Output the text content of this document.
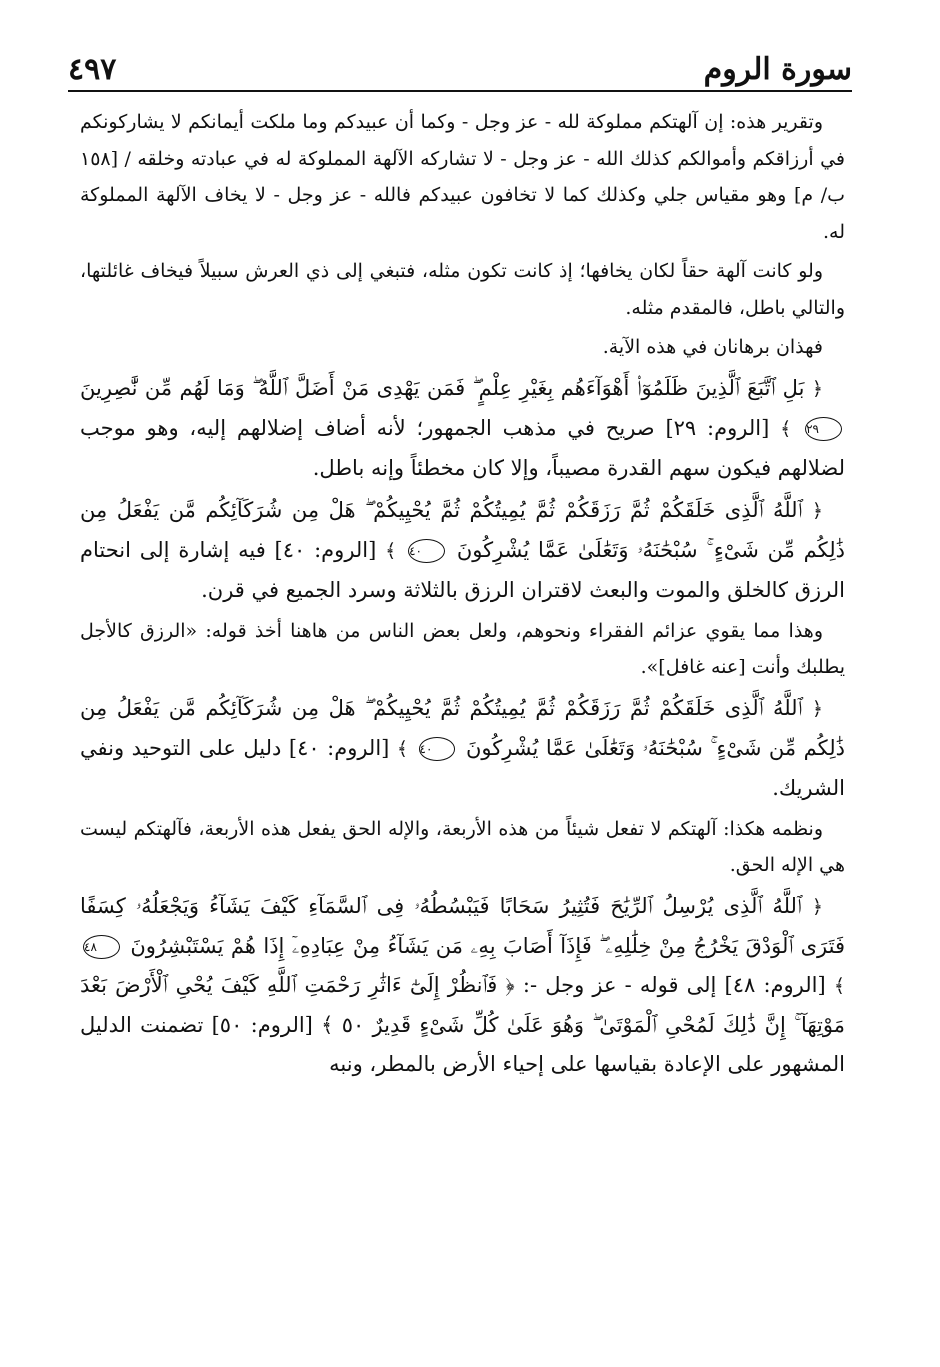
سورة الروم
٤٩٧

وتقرير هذه: إن آلهتكم مملوكة لله - عز وجل - وكما أن عبيدكم وما ملكت أيمانكم لا يشاركونكم في أرزاقكم وأموالكم كذلك الله - عز وجل - لا تشاركه الآلهة المملوكة له في عبادته وخلقه / [١٥٨ ب/ م] وهو مقياس جلي وكذلك كما لا تخافون عبيدكم فالله - عز وجل - لا يخاف الآلهة المملوكة له.

ولو كانت آلهة حقاً لكان يخافها؛ إذ كانت تكون مثله، فتبغي إلى ذي العرش سبيلاً فيخاف غائلتها، والتالي باطل، فالمقدم مثله.

فهذان برهانان في هذه الآية.

﴿ بَلِ ٱتَّبَعَ ٱلَّذِينَ ظَلَمُوٓا۟ أَهْوَآءَهُم بِغَيْرِ عِلْمٍ ۖ فَمَن يَهْدِى مَنْ أَضَلَّ ٱللَّهُ ۖ وَمَا لَهُم مِّن نَّٰصِرِينَ ٢٩ ﴾ [الروم: ٢٩] صريح في مذهب الجمهور؛ لأنه أضاف إضلالهم إليه، وهو موجب لضلالهم فيكون سهم القدرة مصيباً، وإلا كان مخطئاً وإنه باطل.

﴿ ٱللَّهُ ٱلَّذِى خَلَقَكُمْ ثُمَّ رَزَقَكُمْ ثُمَّ يُمِيتُكُمْ ثُمَّ يُحْيِيكُمْ ۖ هَلْ مِن شُرَكَآئِكُم مَّن يَفْعَلُ مِن ذَٰلِكُم مِّن شَىْءٍ ۚ سُبْحَٰنَهُۥ وَتَعَٰلَىٰ عَمَّا يُشْرِكُونَ ٤٠ ﴾ [الروم: ٤٠] فيه إشارة إلى انحتام الرزق كالخلق والموت والبعث لاقتران الرزق بالثلاثة وسرد الجميع في قرن.

وهذا مما يقوي عزائم الفقراء ونحوهم، ولعل بعض الناس من هاهنا أخذ قوله: «الرزق كالأجل يطلبك وأنت [عنه غافل]».

﴿ ٱللَّهُ ٱلَّذِى خَلَقَكُمْ ثُمَّ رَزَقَكُمْ ثُمَّ يُمِيتُكُمْ ثُمَّ يُحْيِيكُمْ ۖ هَلْ مِن شُرَكَآئِكُم مَّن يَفْعَلُ مِن ذَٰلِكُم مِّن شَىْءٍ ۚ سُبْحَٰنَهُۥ وَتَعَٰلَىٰ عَمَّا يُشْرِكُونَ ٤٠ ﴾ [الروم: ٤٠] دليل على التوحيد ونفي الشريك.

ونظمه هكذا: آلهتكم لا تفعل شيئاً من هذه الأربعة، والإله الحق يفعل هذه الأربعة، فآلهتكم ليست هي الإله الحق.

﴿ ٱللَّهُ ٱلَّذِى يُرْسِلُ ٱلرِّيَٰحَ فَتُثِيرُ سَحَابًا فَيَبْسُطُهُۥ فِى ٱلسَّمَآءِ كَيْفَ يَشَآءُ وَيَجْعَلُهُۥ كِسَفًا فَتَرَى ٱلْوَدْقَ يَخْرُجُ مِنْ خِلَٰلِهِۦ ۖ فَإِذَآ أَصَابَ بِهِۦ مَن يَشَآءُ مِنْ عِبَادِهِۦٓ إِذَا هُمْ يَسْتَبْشِرُونَ ٤٨ ﴾ [الروم: ٤٨] إلى قوله - عز وجل -: ﴿ فَٱنظُرْ إِلَىٰٓ ءَاثَٰرِ رَحْمَتِ ٱللَّهِ كَيْفَ يُحْىِ ٱلْأَرْضَ بَعْدَ مَوْتِهَآ ۚ إِنَّ ذَٰلِكَ لَمُحْىِ ٱلْمَوْتَىٰ ۖ وَهُوَ عَلَىٰ كُلِّ شَىْءٍ قَدِيرٌ ٥٠ ﴾ [الروم: ٥٠] تضمنت الدليل المشهور على الإعادة بقياسها على إحياء الأرض بالمطر، ونبه
